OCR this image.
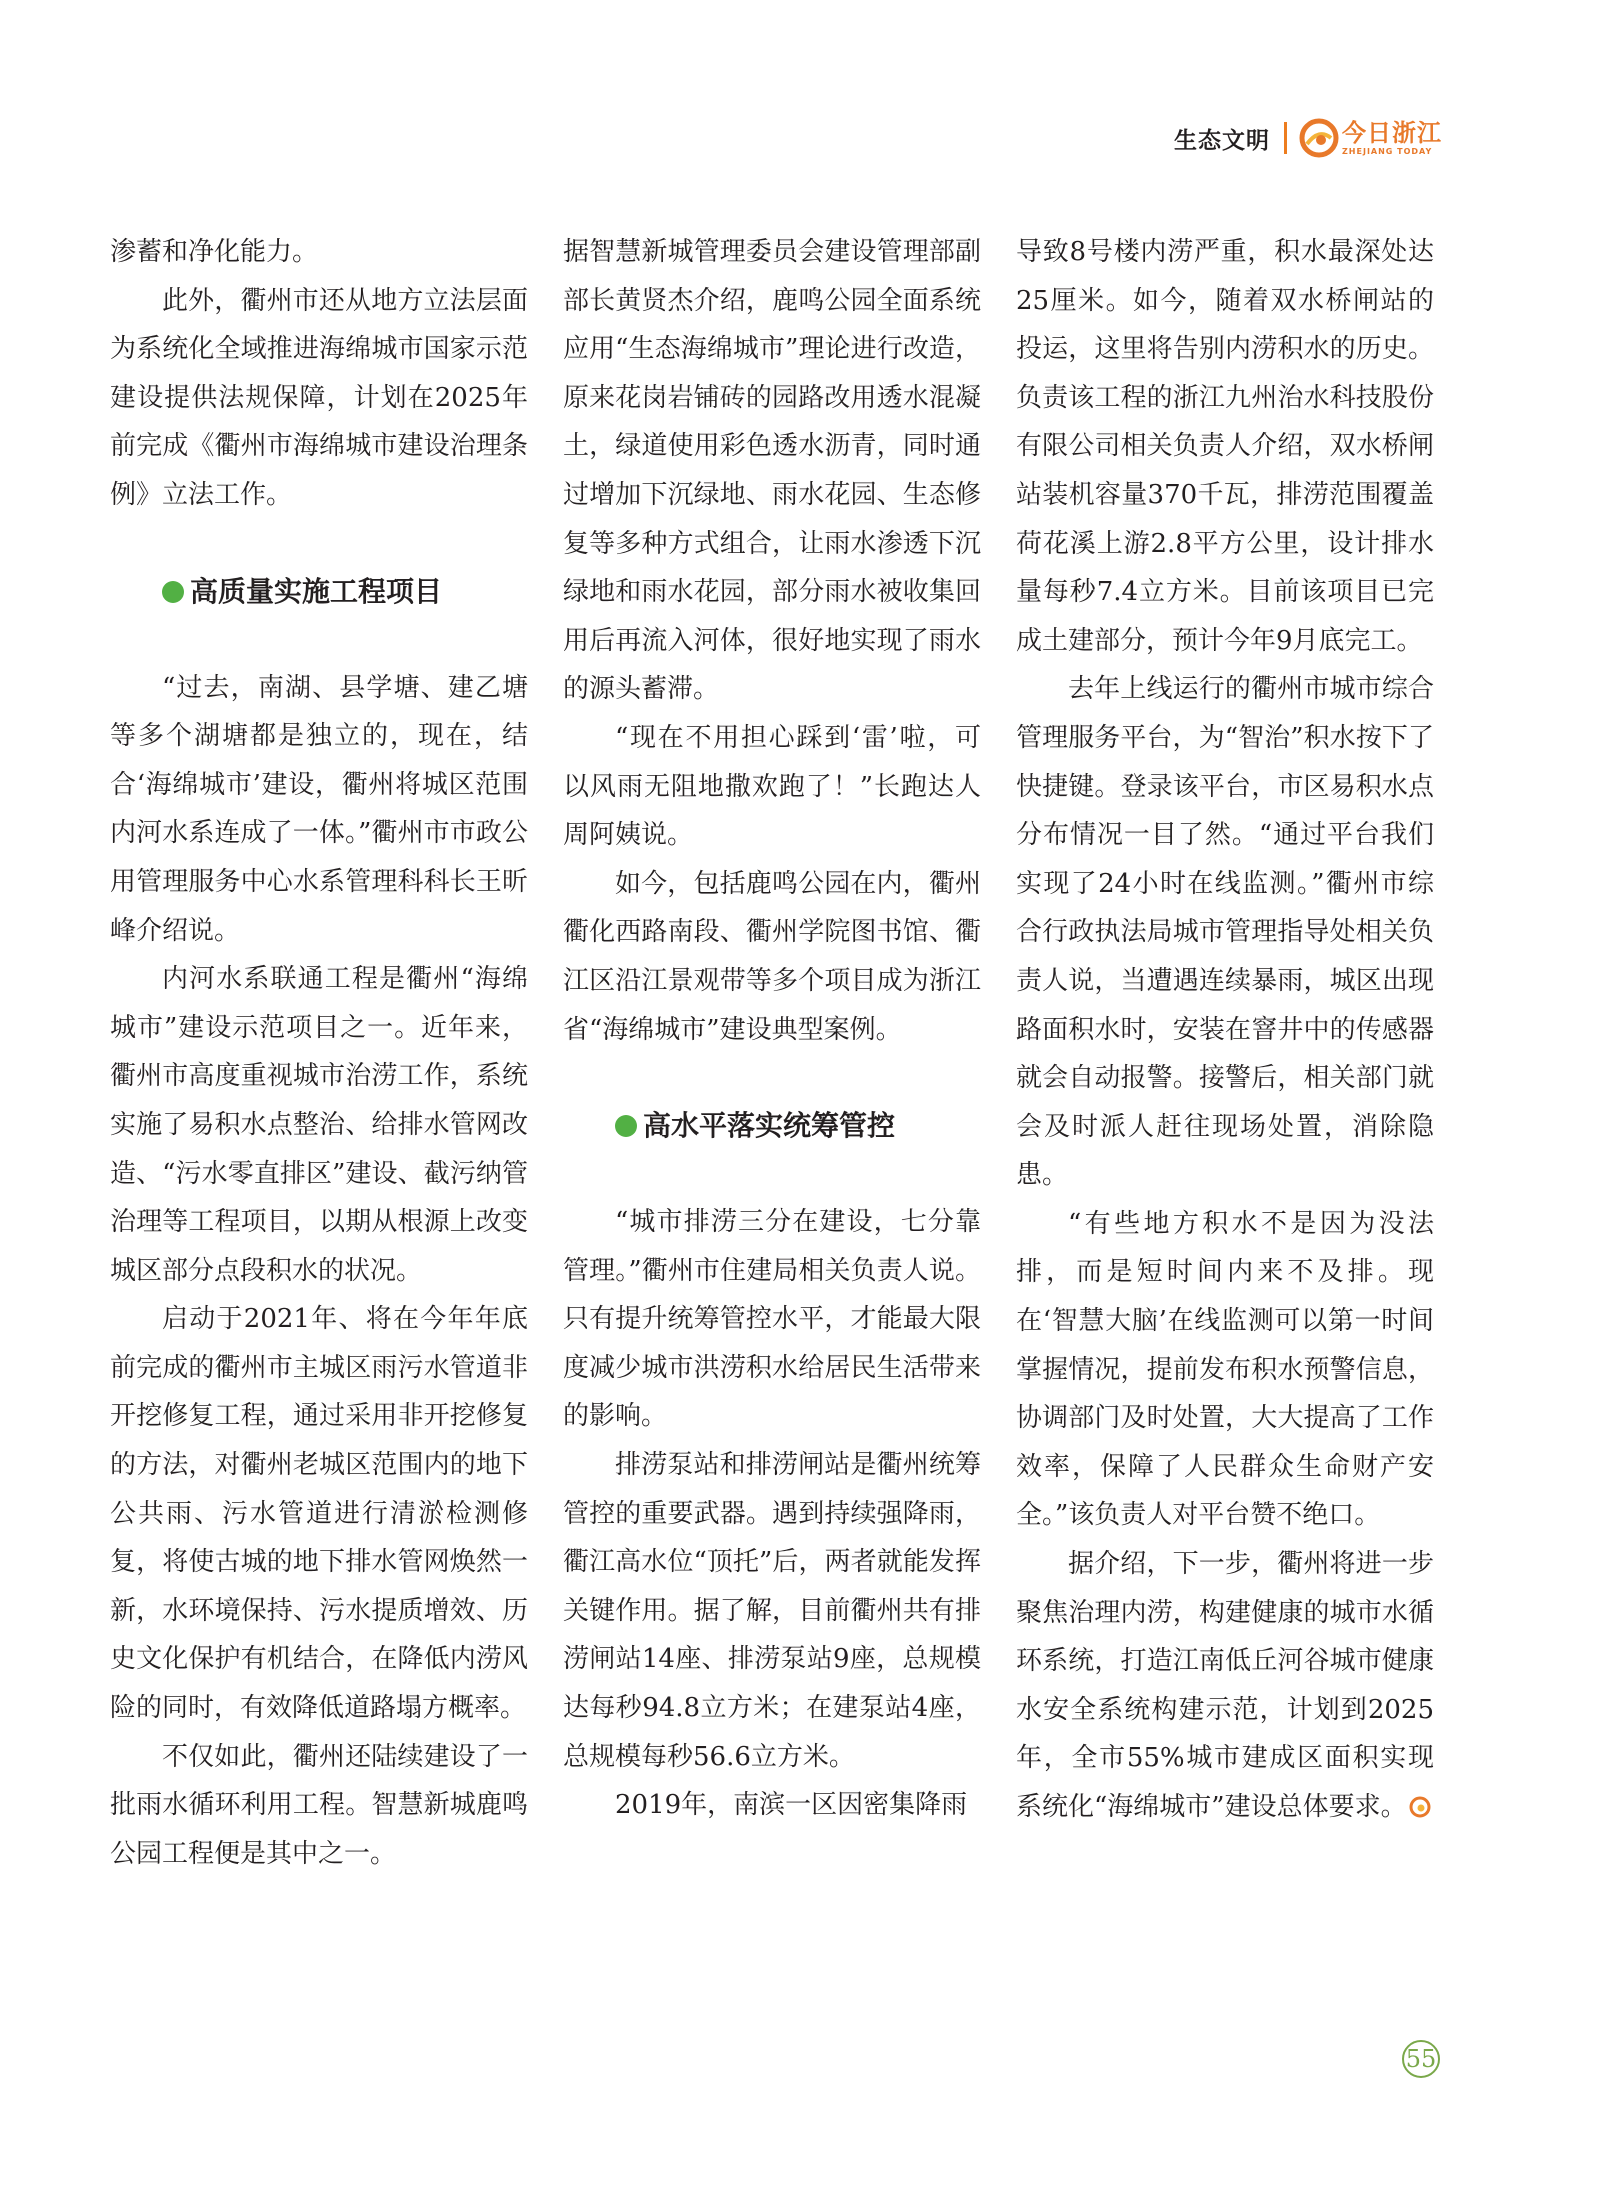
生态文明	今日浙江
ZHEJIANG TODAY

渗蓄和净化能力。

此外，衢州市还从地方立法层面为系统化全域推进海绵城市国家示范建设提供法规保障，计划在2025年前完成《衢州市海绵城市建设治理条例》立法工作。

高质量实施工程项目

“过去，南湖、县学塘、建乙塘等多个湖塘都是独立的，现在，结合‘海绵城市’建设，衢州将城区范围内河水系连成了一体。”衢州市市政公用管理服务中心水系管理科科长王昕峰介绍说。

内河水系联通工程是衢州“海绵城市”建设示范项目之一。近年来，衢州市高度重视城市治涝工作，系统实施了易积水点整治、给排水管网改造、“污水零直排区”建设、截污纳管治理等工程项目，以期从根源上改变城区部分点段积水的状况。

启动于2021年、将在今年年底前完成的衢州市主城区雨污水管道非开挖修复工程，通过采用非开挖修复的方法，对衢州老城区范围内的地下公共雨、污水管道进行清淤检测修复，将使古城的地下排水管网焕然一新，水环境保持、污水提质增效、历史文化保护有机结合，在降低内涝风险的同时，有效降低道路塌方概率。

不仅如此，衢州还陆续建设了一批雨水循环利用工程。智慧新城鹿鸣公园工程便是其中之一。

据智慧新城管理委员会建设管理部副部长黄贤杰介绍，鹿鸣公园全面系统应用“生态海绵城市”理论进行改造，原来花岗岩铺砖的园路改用透水混凝土，绿道使用彩色透水沥青，同时通过增加下沉绿地、雨水花园、生态修复等多种方式组合，让雨水渗透下沉绿地和雨水花园，部分雨水被收集回用后再流入河体，很好地实现了雨水的源头蓄滞。

“现在不用担心踩到‘雷’啦，可以风雨无阻地撒欢跑了！”长跑达人周阿姨说。

如今，包括鹿鸣公园在内，衢州衢化西路南段、衢州学院图书馆、衢江区沿江景观带等多个项目成为浙江省“海绵城市”建设典型案例。

高水平落实统筹管控

“城市排涝三分在建设，七分靠管理。”衢州市住建局相关负责人说。只有提升统筹管控水平，才能最大限度减少城市洪涝积水给居民生活带来的影响。

排涝泵站和排涝闸站是衢州统筹管控的重要武器。遇到持续强降雨，衢江高水位“顶托”后，两者就能发挥关键作用。据了解，目前衢州共有排涝闸站14座、排涝泵站9座，总规模达每秒94.8立方米；在建泵站4座，总规模每秒56.6立方米。

2019年，南滨一区因密集降雨

导致8号楼内涝严重，积水最深处达25厘米。如今，随着双水桥闸站的投运，这里将告别内涝积水的历史。负责该工程的浙江九州治水科技股份有限公司相关负责人介绍，双水桥闸站装机容量370千瓦，排涝范围覆盖荷花溪上游2.8平方公里，设计排水量每秒7.4立方米。目前该项目已完成土建部分，预计今年9月底完工。

去年上线运行的衢州市城市综合管理服务平台，为“智治”积水按下了快捷键。登录该平台，市区易积水点分布情况一目了然。“通过平台我们实现了24小时在线监测。”衢州市综合行政执法局城市管理指导处相关负责人说，当遭遇连续暴雨，城区出现路面积水时，安装在窨井中的传感器就会自动报警。接警后，相关部门就会及时派人赶往现场处置，消除隐患。

“有些地方积水不是因为没法排，而是短时间内来不及排。现在‘智慧大脑’在线监测可以第一时间掌握情况，提前发布积水预警信息，协调部门及时处置，大大提高了工作效率，保障了人民群众生命财产安全。”该负责人对平台赞不绝口。

据介绍，下一步，衢州将进一步聚焦治理内涝，构建健康的城市水循环系统，打造江南低丘河谷城市健康水安全系统构建示范，计划到2025年，全市55%城市建成区面积实现系统化“海绵城市”建设总体要求。

55
